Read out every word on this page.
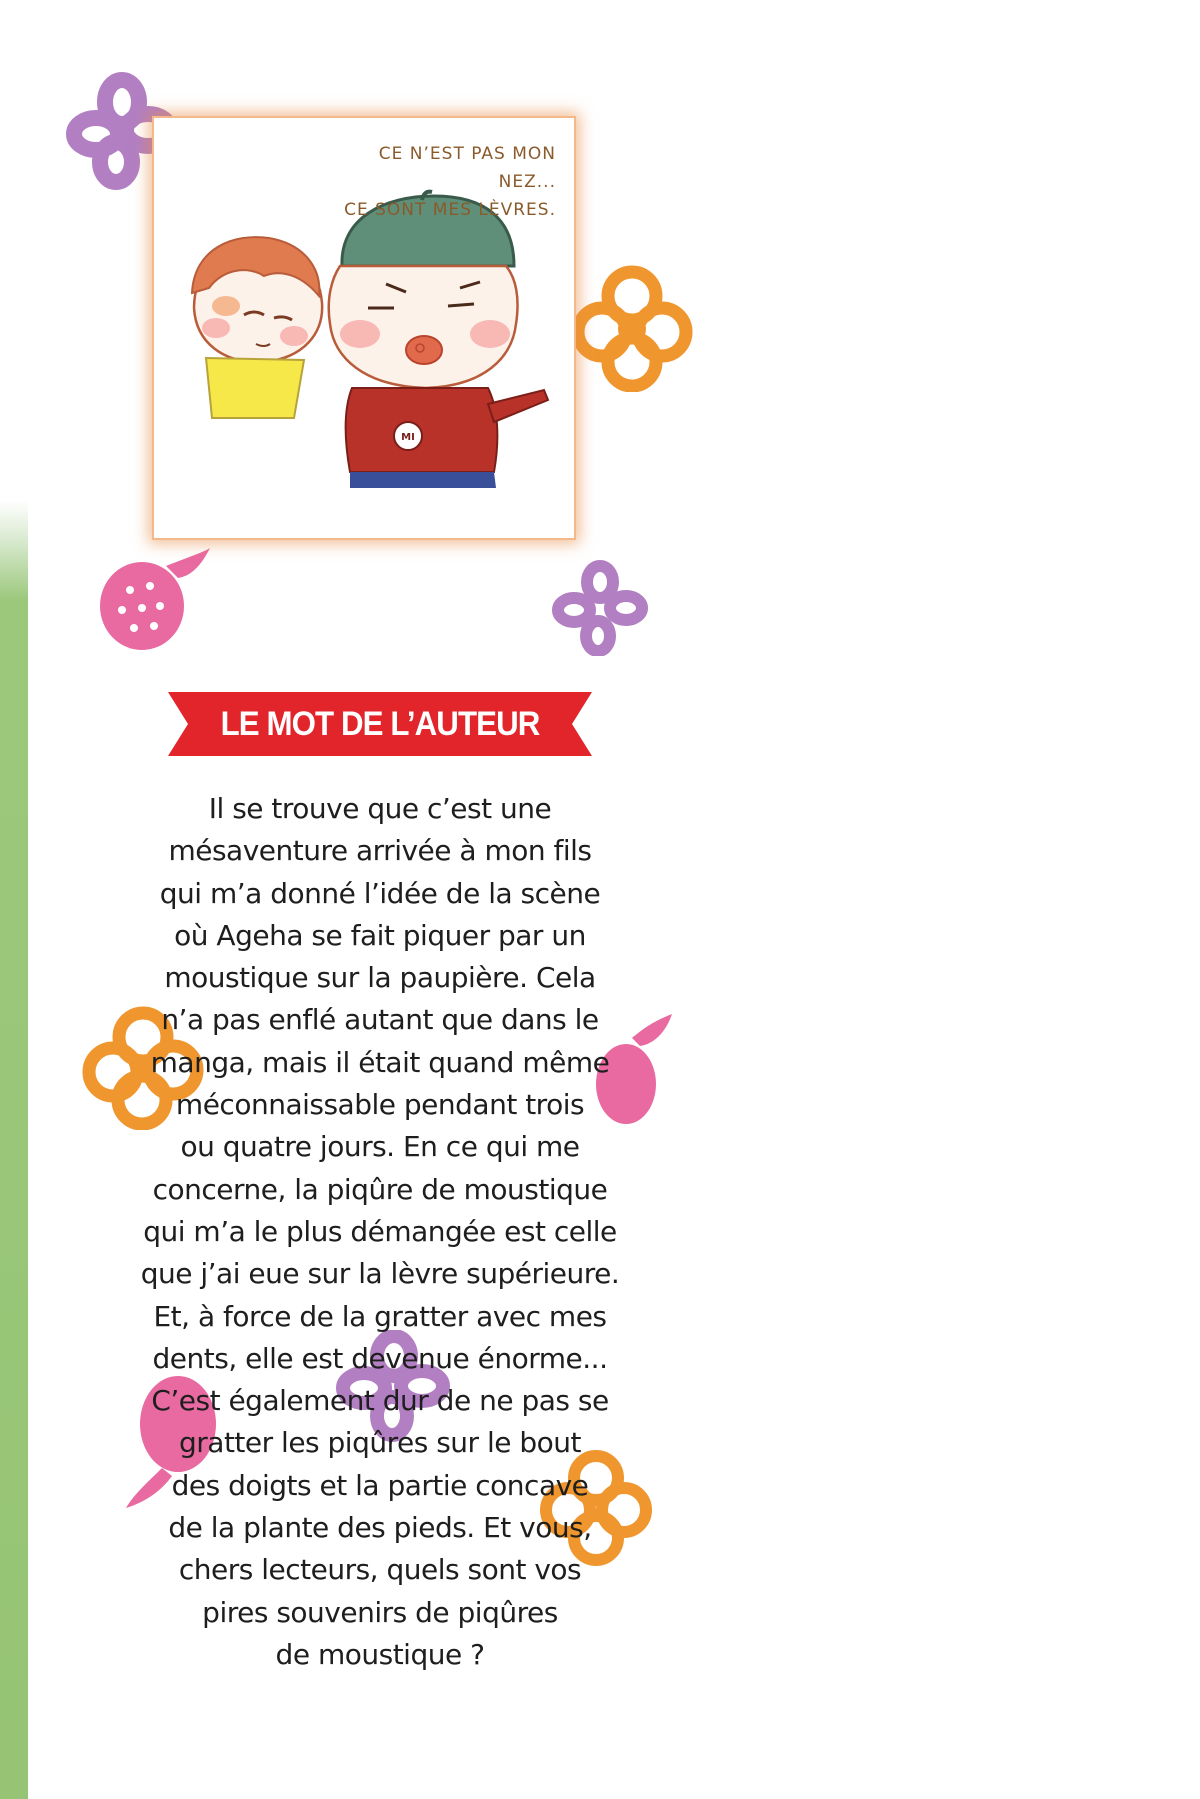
MI
CE N’EST PAS MON NEZ...
CE SONT MES LÈVRES.
LE MOT DE L’AUTEUR
Il se trouve que c’est une
mésaventure arrivée à mon fils
qui m’a donné l’idée de la scène
où Ageha se fait piquer par un
moustique sur la paupière. Cela
n’a pas enflé autant que dans le
manga, mais il était quand même
méconnaissable pendant trois
ou quatre jours. En ce qui me
concerne, la piqûre de moustique
qui m’a le plus démangée est celle
que j’ai eue sur la lèvre supérieure.
Et, à force de la gratter avec mes
dents, elle est devenue énorme...
C’est également dur de ne pas se
gratter les piqûres sur le bout
des doigts et la partie concave
de la plante des pieds. Et vous,
chers lecteurs, quels sont vos
pires souvenirs de piqûres
de moustique ?
